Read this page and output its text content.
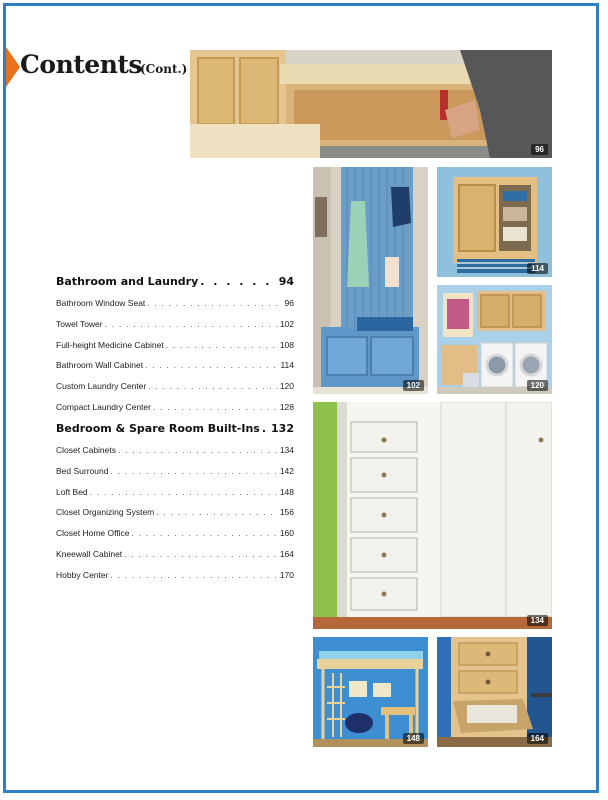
Contents
(Cont.)
96
102
114
120
134
148	164
Bathroom and Laundry . . .	94
Bathroom Window Seat . . .	96
Towel Tower . . .	102
Full-height Medicine Cabinet . . .	108
Bathroom Wall Cabinet . . .	114
Custom Laundry Center . . .	120
Compact Laundry Center . . .	128
Bedroom & Spare Room Built-Ins . . . 132
Closet Cabinets . . .	134
Bed Surround . . .	142
Loft Bed . . .	148
Closet Organizing System . . .	156
Closet Home Office . . .	160
Kneewall Cabinet . . .	164
Hobby Center . . .	170
